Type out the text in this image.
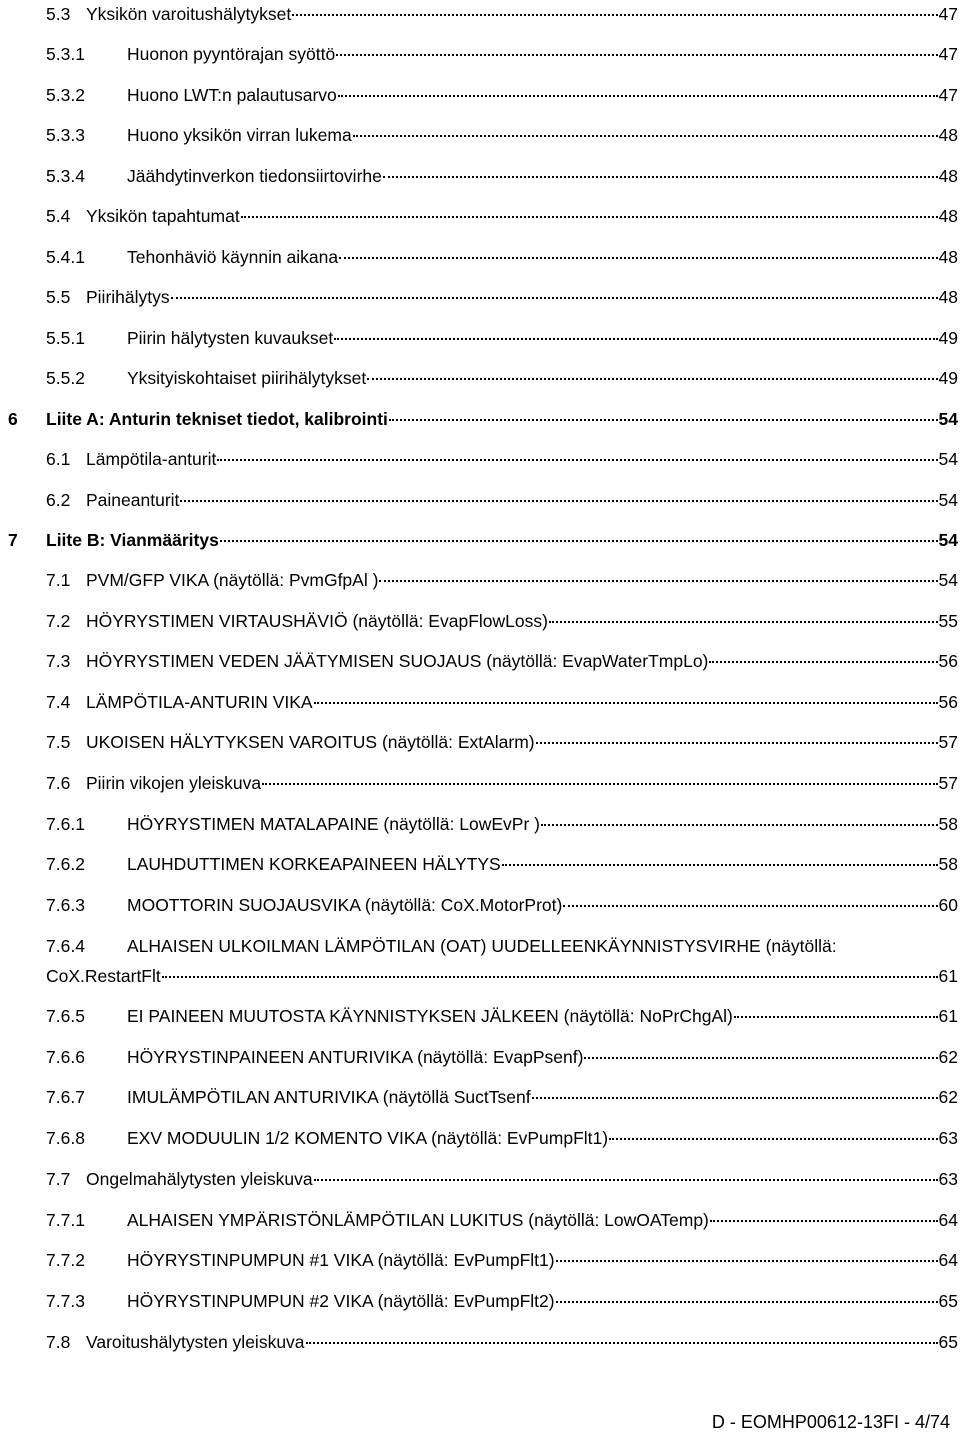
5.3 Yksikön varoitushälytykset	47
5.3.1 Huonon pyyntörajan syöttö	47
5.3.2 Huono LWT:n palautusarvo	47
5.3.3 Huono yksikön virran lukema	48
5.3.4 Jäähdytinverkon tiedonsiirtovirhe	48
5.4 Yksikön tapahtumat	48
5.4.1 Tehonhäviö käynnin aikana	48
5.5 Piirihälytys	48
5.5.1 Piirin hälytysten kuvaukset	49
5.5.2 Yksityiskohtaiset piirihälytykset	49
6 Liite A: Anturin tekniset tiedot, kalibrointi	54
6.1 Lämpötila-anturit	54
6.2 Paineanturit	54
7 Liite B: Vianmääritys	54
7.1 PVM/GFP VIKA (näytöllä: PvmGfpAl )	54
7.2 HÖYRYSTIMEN VIRTAUSHÄVIÖ (näytöllä: EvapFlowLoss)	55
7.3 HÖYRYSTIMEN VEDEN JÄÄTYMISEN SUOJAUS (näytöllä: EvapWaterTmpLo)	56
7.4 LÄMPÖTILA-ANTURIN VIKA	56
7.5 UKOISEN HÄLYTYKSEN VAROITUS (näytöllä: ExtAlarm)	57
7.6 Piirin vikojen yleiskuva	57
7.6.1 HÖYRYSTIMEN MATALAPAINE (näytöllä: LowEvPr )	58
7.6.2 LAUHDUTTIMEN KORKEAPAINEEN HÄLYTYS	58
7.6.3 MOOTTORIN SUOJAUSVIKA (näytöllä: CoX.MotorProt)	60
7.6.4 ALHAISEN ULKOILMAN LÄMPÖTILAN (OAT) UUDELLEENKÄYNNISTYSVIRHE (näytöllä:
CoX.RestartFlt	61
7.6.5 EI PAINEEN MUUTOSTA KÄYNNISTYKSEN JÄLKEEN (näytöllä: NoPrChgAl)	61
7.6.6 HÖYRYSTINPAINEEN ANTURIVIKA (näytöllä: EvapPsenf)	62
7.6.7 IMULÄMPÖTILAN ANTURIVIKA (näytöllä SuctTsenf	62
7.6.8 EXV MODUULIN 1/2 KOMENTO VIKA (näytöllä: EvPumpFlt1)	63
7.7 Ongelmahälytysten yleiskuva	63
7.7.1 ALHAISEN YMPÄRISTÖNLÄMPÖTILAN LUKITUS (näytöllä: LowOATemp)	64
7.7.2 HÖYRYSTINPUMPUN #1 VIKA (näytöllä: EvPumpFlt1)	64
7.7.3 HÖYRYSTINPUMPUN #2 VIKA (näytöllä: EvPumpFlt2)	65
7.8 Varoitushälytysten yleiskuva	65
D - EOMHP00612-13FI - 4/74
